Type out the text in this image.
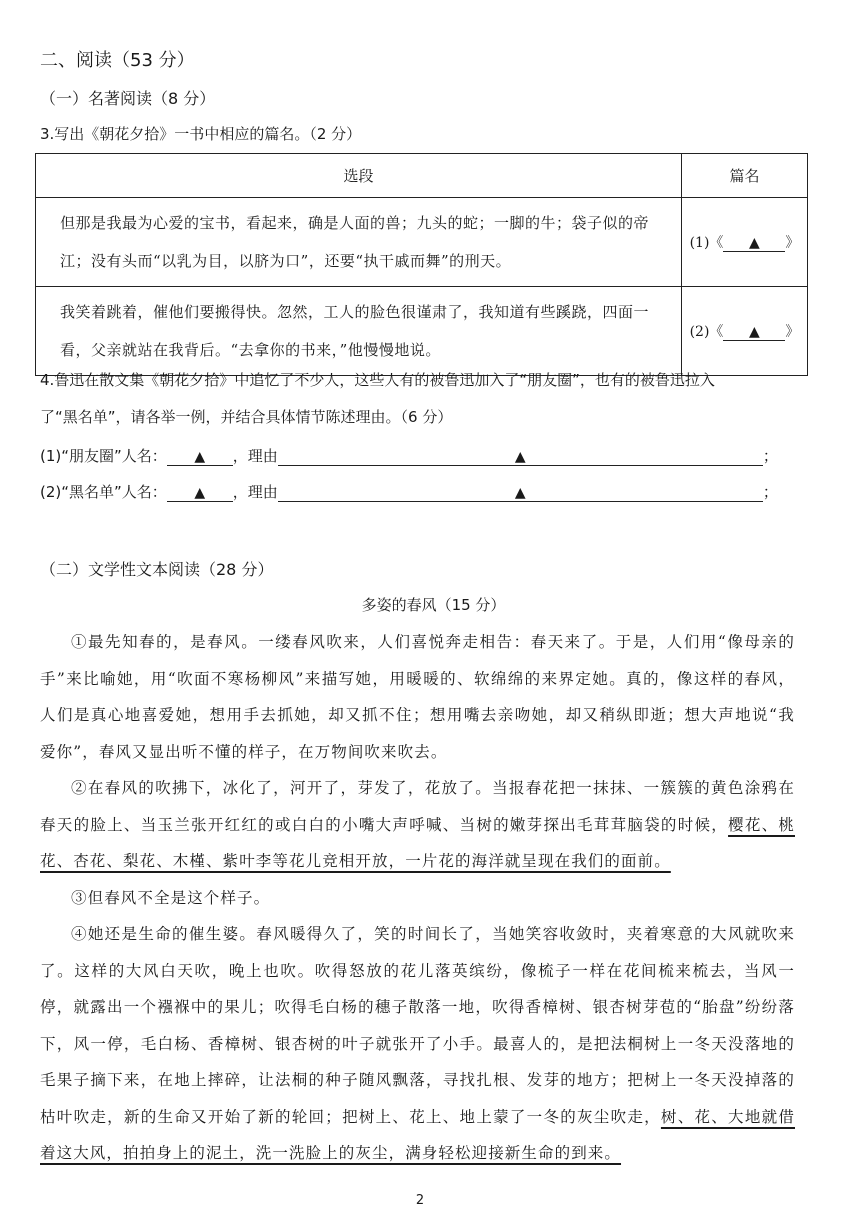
二、阅读（53 分）
（一）名著阅读（8 分）
3.写出《朝花夕拾》一书中相应的篇名。（2 分）
选段	篇名

但那是我最为心爱的宝书，看起来，确是人面的兽；九头的蛇；一脚的牛；袋子似的帝江；没有头而“以乳为目，以脐为口”，还要“执干戚而舞”的刑天。	(1)《 ▲ 》

我笑着跳着，催他们要搬得快。忽然，工人的脸色很谨肃了，我知道有些蹊跷，四面一看，父亲就站在我背后。“去拿你的书来，”他慢慢地说。	(2)《 ▲ 》
4.鲁迅在散文集《朝花夕拾》中追忆了不少人，这些人有的被鲁迅加入了“朋友圈”，也有的被鲁迅拉入
了“黑名单”，请各举一例，并结合具体情节陈述理由。（6 分）
(1)“朋友圈”人名： ▲ ，理由	▲	；
(2)“黑名单”人名： ▲ ，理由	▲	；
（二）文学性文本阅读（28 分）
多姿的春风（15 分）
①最先知春的，是春风。一缕春风吹来，人们喜悦奔走相告：春天来了。于是，人们用“像母亲的手”来比喻她，用“吹面不寒杨柳风”来描写她，用暖暖的、软绵绵的来界定她。真的，像这样的春风，人们是真心地喜爱她，想用手去抓她，却又抓不住；想用嘴去亲吻她，却又稍纵即逝；想大声地说“我爱你”，春风又显出听不懂的样子，在万物间吹来吹去。
②在春风的吹拂下，冰化了，河开了，芽发了，花放了。当报春花把一抹抹、一簇簇的黄色涂鸦在春天的脸上、当玉兰张开红红的或白白的小嘴大声呼喊、当树的嫩芽探出毛茸茸脑袋的时候，樱花、桃花、杏花、梨花、木槿、紫叶李等花儿竞相开放，一片花的海洋就呈现在我们的面前。
③但春风不全是这个样子。
④她还是生命的催生婆。春风暖得久了，笑的时间长了，当她笑容收敛时，夹着寒意的大风就吹来了。这样的大风白天吹，晚上也吹。吹得怒放的花儿落英缤纷，像梳子一样在花间梳来梳去，当风一停，就露出一个襁褓中的果儿；吹得毛白杨的穗子散落一地，吹得香樟树、银杏树芽苞的“胎盘”纷纷落下，风一停，毛白杨、香樟树、银杏树的叶子就张开了小手。最喜人的，是把法桐树上一冬天没落地的毛果子摘下来，在地上摔碎，让法桐的种子随风飘落，寻找扎根、发芽的地方；把树上一冬天没掉落的枯叶吹走，新的生命又开始了新的轮回；把树上、花上、地上蒙了一冬的灰尘吹走，树、花、大地就借着这大风，拍拍身上的泥土，洗一洗脸上的灰尘，满身轻松迎接新生命的到来。
2
